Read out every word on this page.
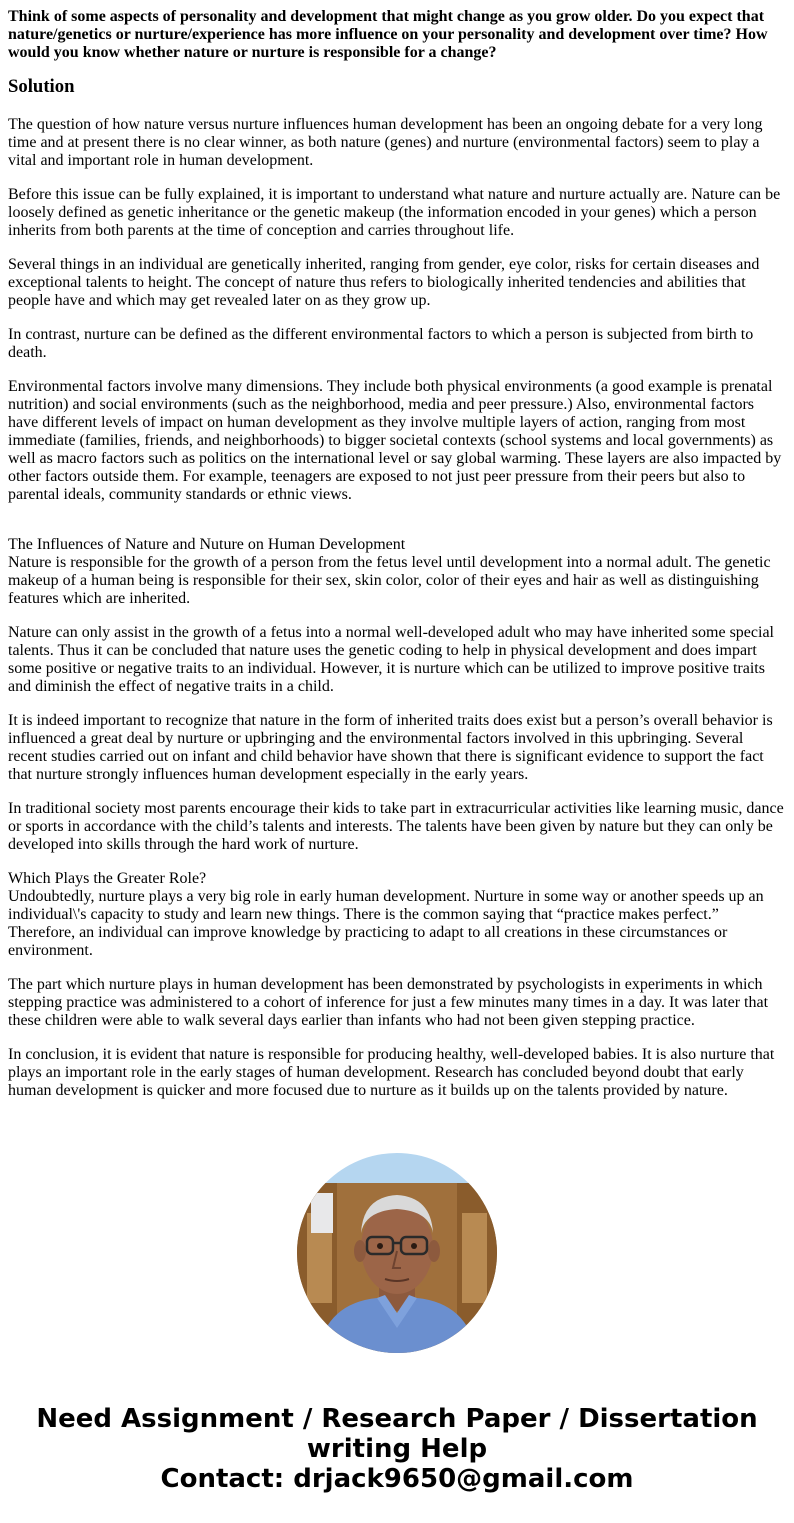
Think of some aspects of personality and development that might change as you grow older. Do you expect that nature/genetics or nurture/experience has more influence on your personality and development over time? How would you know whether nature or nurture is responsible for a change?
Solution

The question of how nature versus nurture influences human development has been an ongoing debate for a very long time and at present there is no clear winner, as both nature (genes) and nurture (environmental factors) seem to play a vital and important role in human development.

Before this issue can be fully explained, it is important to understand what nature and nurture actually are. Nature can be loosely defined as genetic inheritance or the genetic makeup (the information encoded in your genes) which a person inherits from both parents at the time of conception and carries throughout life.

Several things in an individual are genetically inherited, ranging from gender, eye color, risks for certain diseases and exceptional talents to height. The concept of nature thus refers to biologically inherited tendencies and abilities that people have and which may get revealed later on as they grow up.

In contrast, nurture can be defined as the different environmental factors to which a person is subjected from birth to death.

Environmental factors involve many dimensions. They include both physical environments (a good example is prenatal nutrition) and social environments (such as the neighborhood, media and peer pressure.) Also, environmental factors have different levels of impact on human development as they involve multiple layers of action, ranging from most immediate (families, friends, and neighborhoods) to bigger societal contexts (school systems and local governments) as well as macro factors such as politics on the international level or say global warming. These layers are also impacted by other factors outside them. For example, teenagers are exposed to not just peer pressure from their peers but also to parental ideals, community standards or ethnic views.

The Influences of Nature and Nuture on Human Development
Nature is responsible for the growth of a person from the fetus level until development into a normal adult. The genetic makeup of a human being is responsible for their sex, skin color, color of their eyes and hair as well as distinguishing features which are inherited.

Nature can only assist in the growth of a fetus into a normal well-developed adult who may have inherited some special talents. Thus it can be concluded that nature uses the genetic coding to help in physical development and does impart some positive or negative traits to an individual. However, it is nurture which can be utilized to improve positive traits and diminish the effect of negative traits in a child.

It is indeed important to recognize that nature in the form of inherited traits does exist but a person’s overall behavior is influenced a great deal by nurture or upbringing and the environmental factors involved in this upbringing. Several recent studies carried out on infant and child behavior have shown that there is significant evidence to support the fact that nurture strongly influences human development especially in the early years.

In traditional society most parents encourage their kids to take part in extracurricular activities like learning music, dance or sports in accordance with the child’s talents and interests. The talents have been given by nature but they can only be developed into skills through the hard work of nurture.

Which Plays the Greater Role?
Undoubtedly, nurture plays a very big role in early human development. Nurture in some way or another speeds up an individual\'s capacity to study and learn new things. There is the common saying that “practice makes perfect.” Therefore, an individual can improve knowledge by practicing to adapt to all creations in these circumstances or environment.

The part which nurture plays in human development has been demonstrated by psychologists in experiments in which stepping practice was administered to a cohort of inference for just a few minutes many times in a day. It was later that these children were able to walk several days earlier than infants who had not been given stepping practice.

In conclusion, it is evident that nature is responsible for producing healthy, well-developed babies. It is also nurture that plays an important role in the early stages of human development. Research has concluded beyond doubt that early human development is quicker and more focused due to nurture as it builds up on the talents provided by nature.

Need Assignment / Research Paper / Dissertation
writing Help
Contact: drjack9650@gmail.com
